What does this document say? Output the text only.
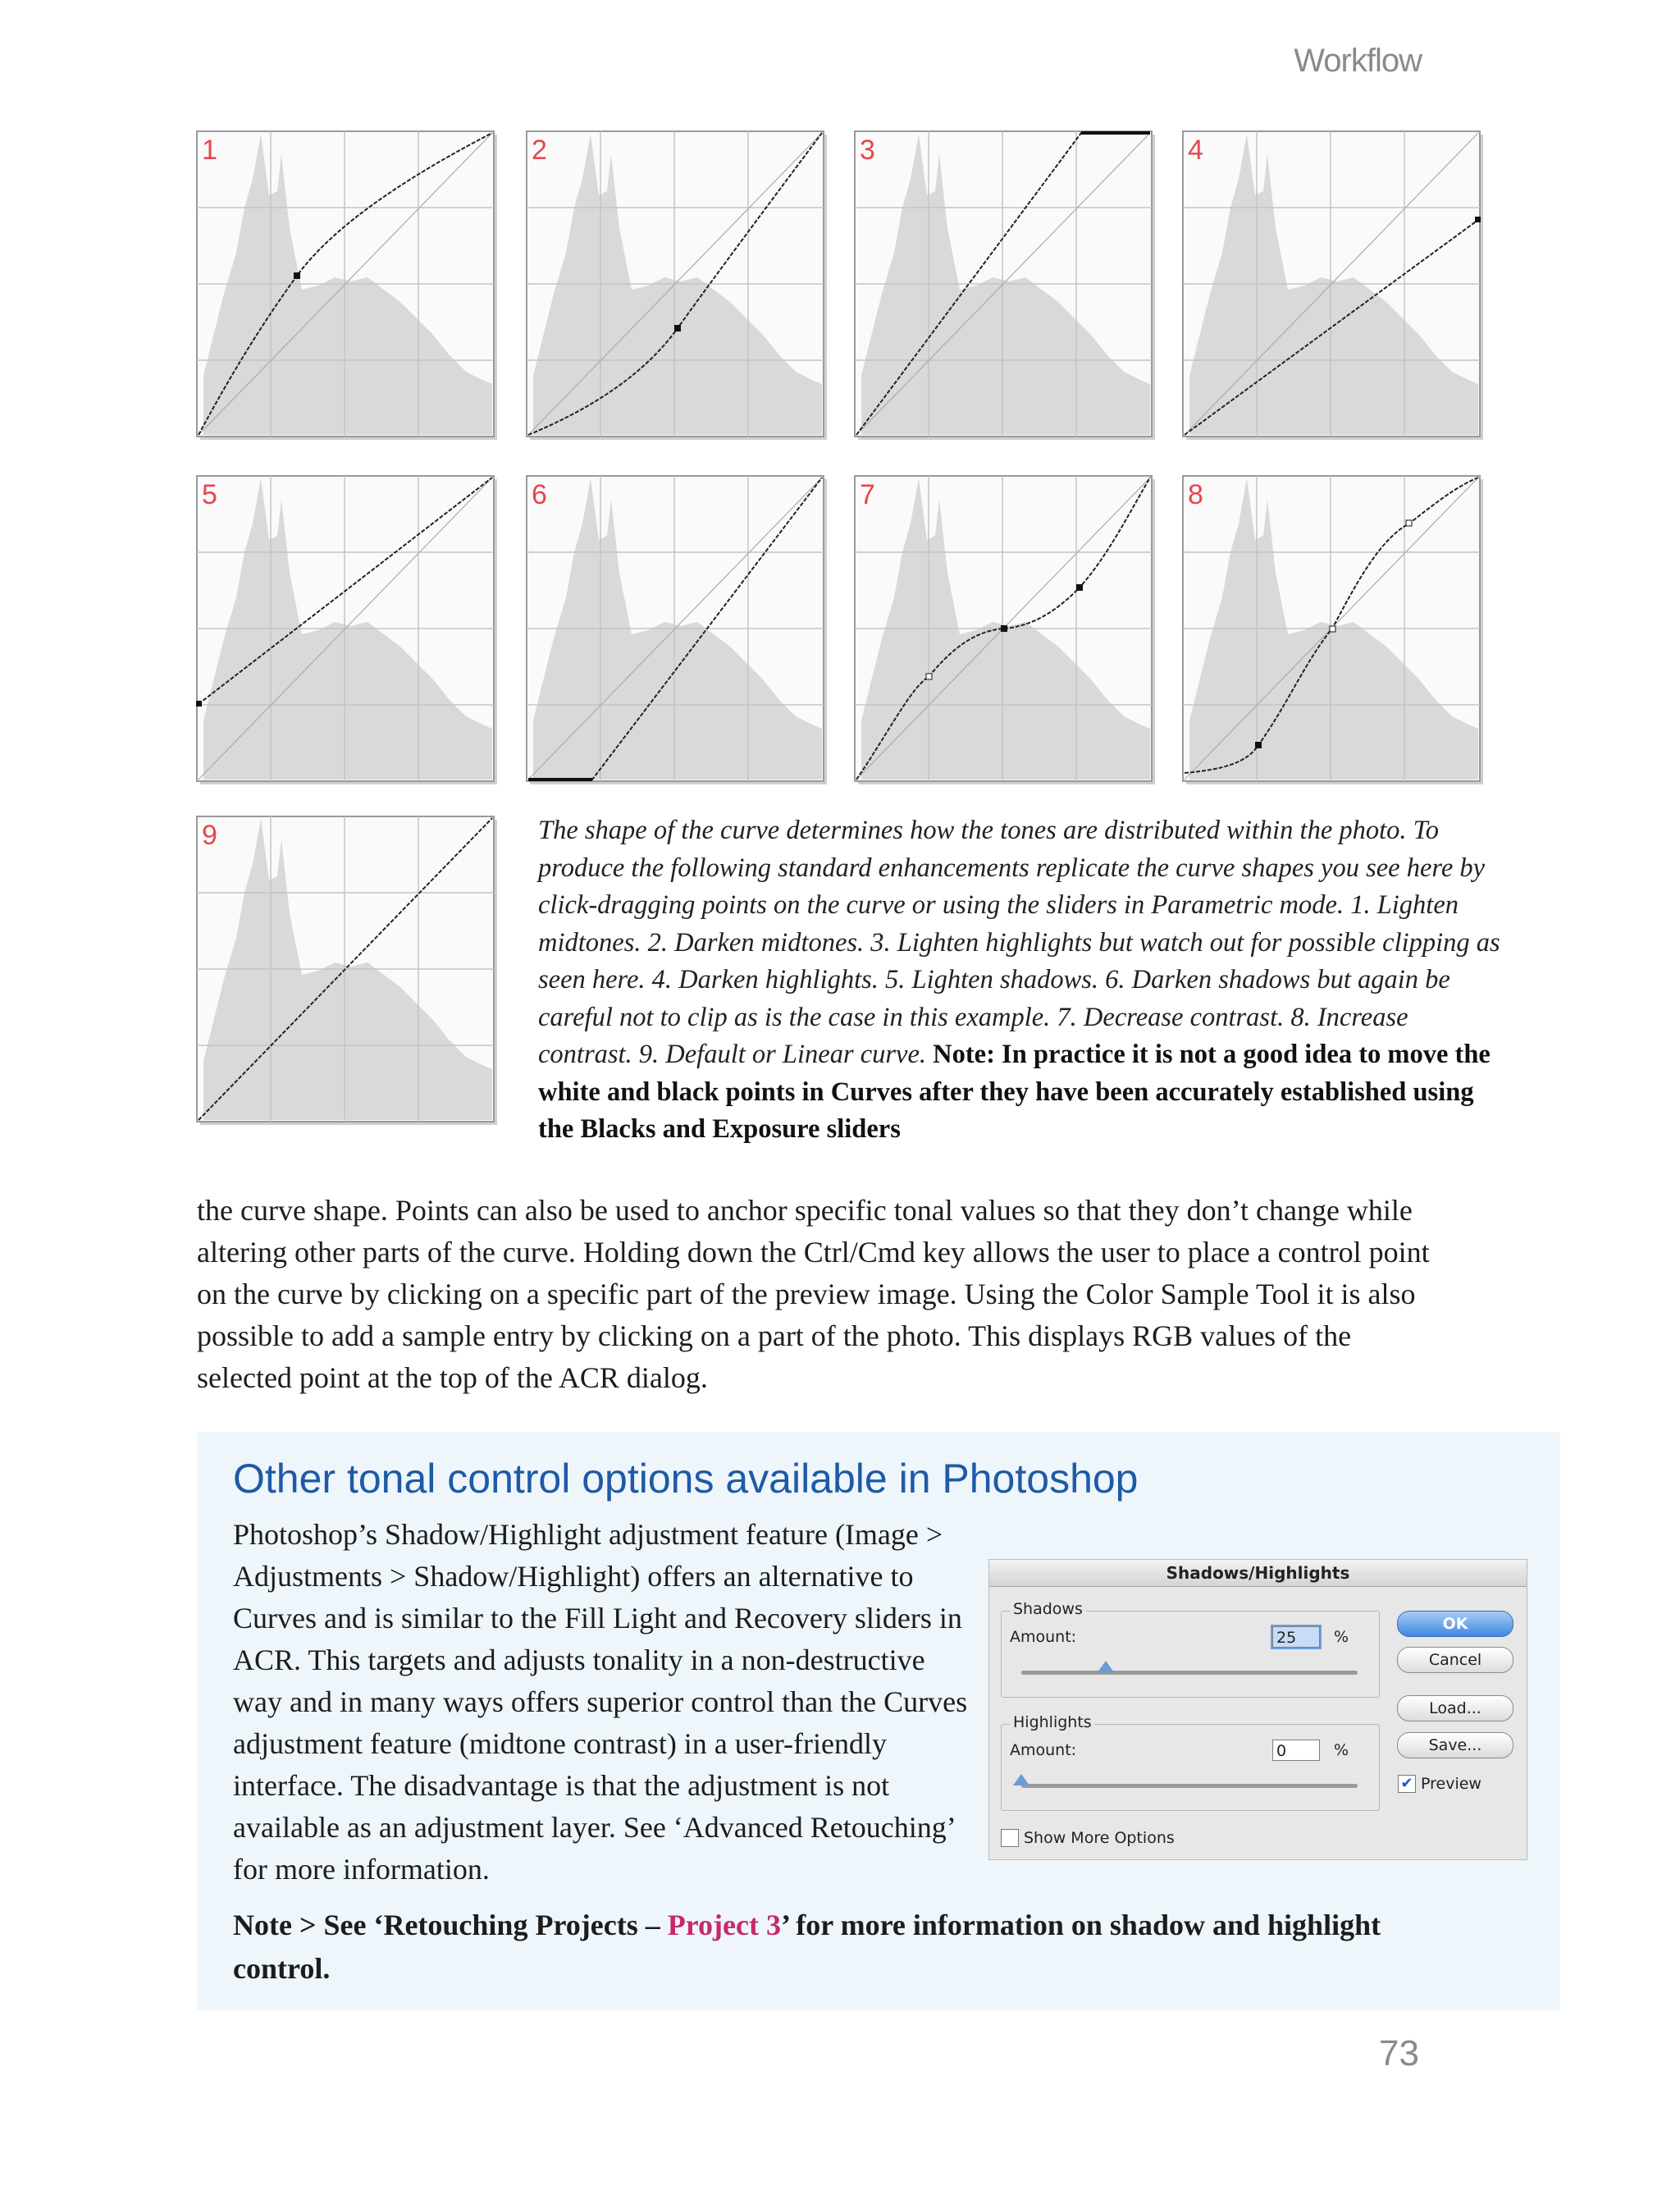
Workflow
1	2	3	4
5	6	7	8
9	The shape of the curve determines how the tones are distributed within the photo. To produce the following standard enhancements replicate the curve shapes you see here by click-dragging points on the curve or using the sliders in Parametric mode. 1. Lighten midtones. 2. Darken midtones. 3. Lighten highlights but watch out for possible clipping as seen here. 4. Darken highlights. 5. Lighten shadows. 6. Darken shadows but again be careful not to clip as is the case in this example. 7. Decrease contrast. 8. Increase contrast. 9. Default or Linear curve. Note: In practice it is not a good idea to move the white and black points in Curves after they have been accurately established using the Blacks and Exposure sliders

the curve shape. Points can also be used to anchor specific tonal values so that they don’t change while altering other parts of the curve. Holding down the Ctrl/Cmd key allows the user to place a control point on the curve by clicking on a specific part of the preview image. Using the Color Sample Tool it is also possible to add a sample entry by clicking on a part of the photo. This displays RGB values of the selected point at the top of the ACR dialog.

Other tonal control options available in Photoshop
Photoshop’s Shadow/Highlight adjustment feature (Image > Adjustments > Shadow/Highlight) offers an alternative to Curves and is similar to the Fill Light and Recovery sliders in ACR. This targets and adjusts tonality in a non-destructive way and in many ways offers superior control than the Curves adjustment feature (midtone contrast) in a user-friendly interface. The disadvantage is that the adjustment is not available as an adjustment layer. See ‘Advanced Retouching’ for more information.
Shadows/Highlights
Shadows
Amount:	25	%
Highlights
Amount:	0	%
Show More Options
OK
Cancel
Load...
Save...
✔ Preview
Note > See ‘Retouching Projects – Project 3’ for more information on shadow and highlight control.
73
